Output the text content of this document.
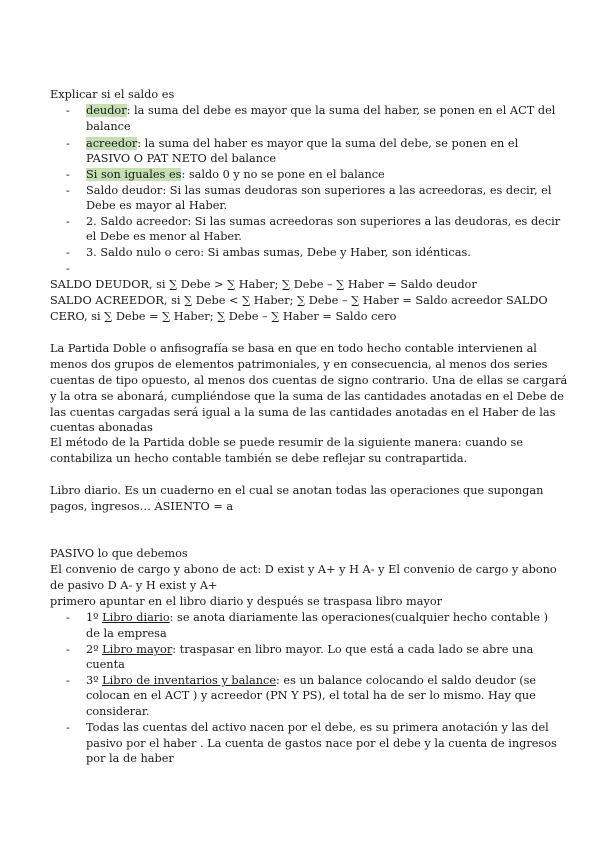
Explicar si el saldo es
- deudor: la suma del debe es mayor que la suma del haber, se ponen en el ACT del
balance
- acreedor: la suma del haber es mayor que la suma del debe, se ponen en el
PASIVO O PAT NETO del balance
- Si son iguales es: saldo 0 y no se pone en el balance
- Saldo deudor: Si las sumas deudoras son superiores a las acreedoras, es decir, el
Debe es mayor al Haber.
- 2. Saldo acreedor: Si las sumas acreedoras son superiores a las deudoras, es decir
el Debe es menor al Haber.
- 3. Saldo nulo o cero: Si ambas sumas, Debe y Haber, son idénticas.
-
SALDO DEUDOR, si ∑ Debe > ∑ Haber; ∑ Debe – ∑ Haber = Saldo deudor
SALDO ACREEDOR, si ∑ Debe < ∑ Haber; ∑ Debe – ∑ Haber = Saldo acreedor SALDO
CERO, si ∑ Debe = ∑ Haber; ∑ Debe – ∑ Haber = Saldo cero
La Partida Doble o anfisografía se basa en que en todo hecho contable intervienen al
menos dos grupos de elementos patrimoniales, y en consecuencia, al menos dos series
cuentas de tipo opuesto, al menos dos cuentas de signo contrario. Una de ellas se cargará
y la otra se abonará, cumpliéndose que la suma de las cantidades anotadas en el Debe de
las cuentas cargadas será igual a la suma de las cantidades anotadas en el Haber de las
cuentas abonadas
El método de la Partida doble se puede resumir de la siguiente manera: cuando se
contabiliza un hecho contable también se debe reflejar su contrapartida.
Libro diario. Es un cuaderno en el cual se anotan todas las operaciones que supongan
pagos, ingresos… ASIENTO = a
PASIVO lo que debemos
El convenio de cargo y abono de act: D exist y A+ y H A- y El convenio de cargo y abono
de pasivo D A- y H exist y A+
primero apuntar en el libro diario y después se traspasa libro mayor
- 1º Libro diario: se anota diariamente las operaciones(cualquier hecho contable )
de la empresa
- 2º Libro mayor: traspasar en libro mayor. Lo que está a cada lado se abre una
cuenta
- 3º Libro de inventarios y balance: es un balance colocando el saldo deudor (se
colocan en el ACT ) y acreedor (PN Y PS), el total ha de ser lo mismo. Hay que
considerar.
- Todas las cuentas del activo nacen por el debe, es su primera anotación y las del
pasivo por el haber . La cuenta de gastos nace por el debe y la cuenta de ingresos
por la de haber
